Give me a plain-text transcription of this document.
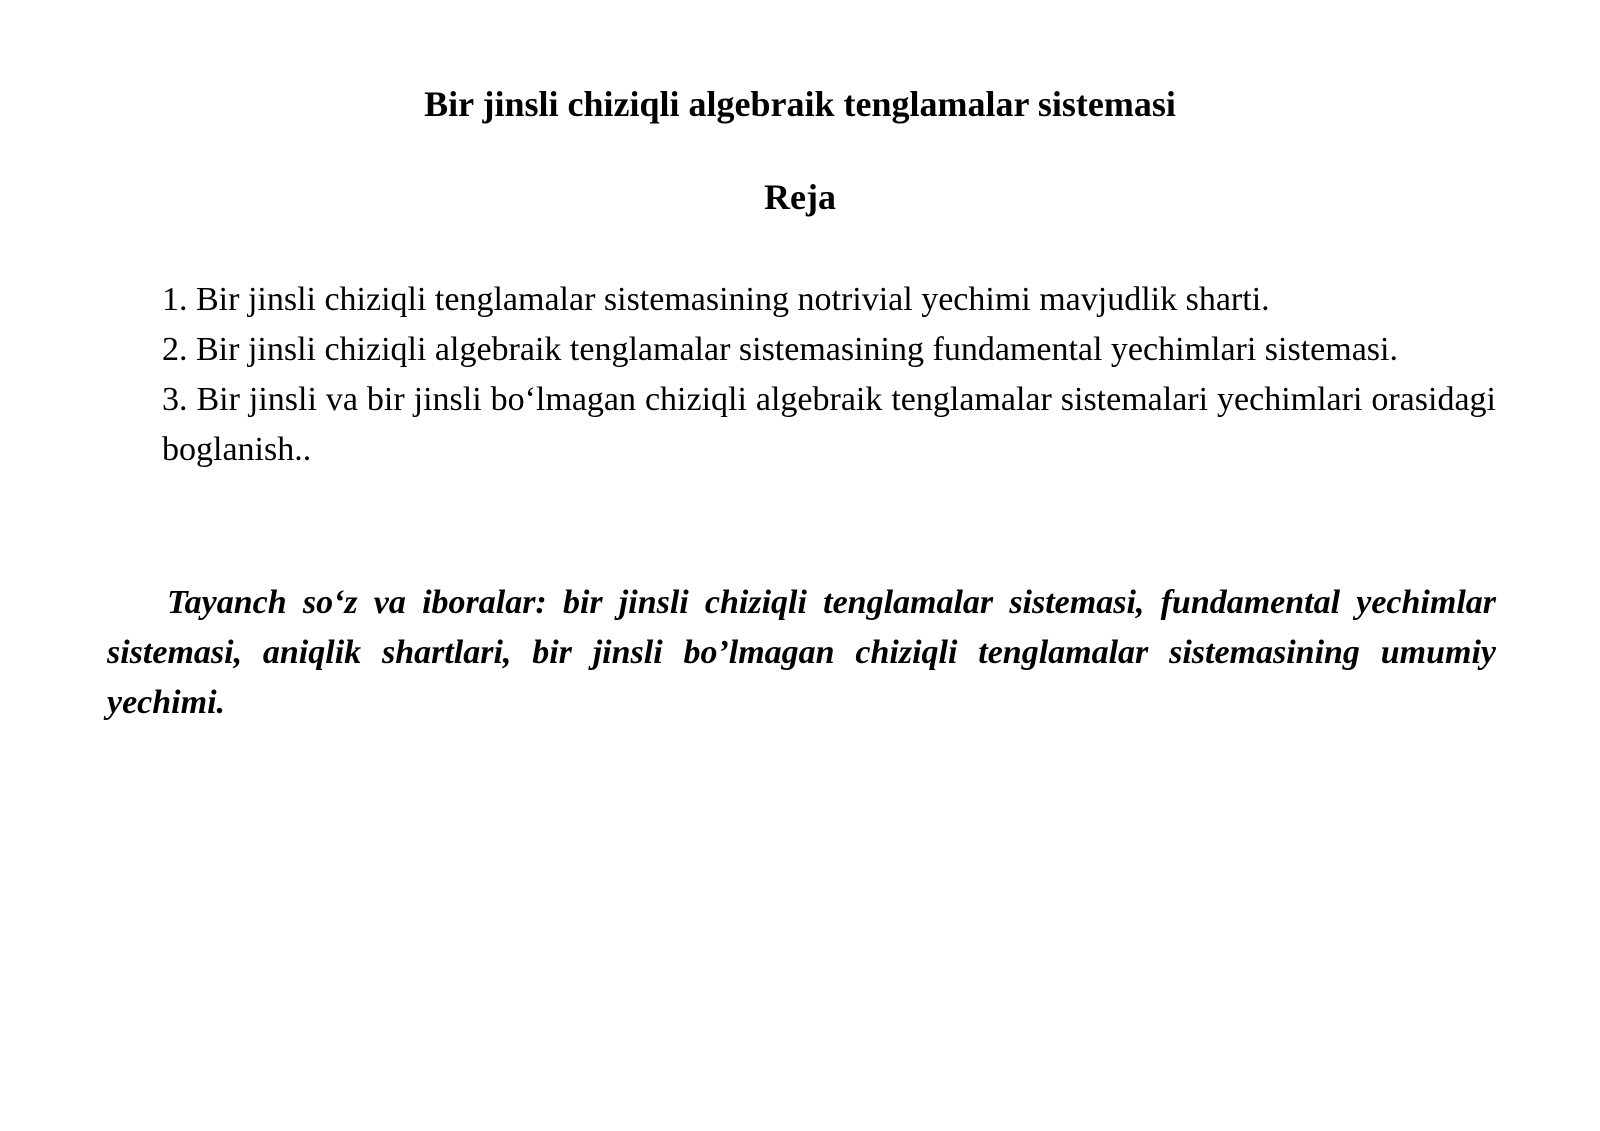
Bir jinsli chiziqli algebraik tenglamalar sistemasi
Reja
1. Bir jinsli chiziqli tenglamalar sistemasining notrivial yechimi mavjudlik sharti.
2. Bir jinsli chiziqli algebraik tenglamalar sistemasining fundamental yechimlari sistemasi.
3. Bir jinsli va bir jinsli bo‘lmagan chiziqli algebraik tenglamalar sistemalari yechimlari orasidagi boglanish..

Tayanch so‘z va iboralar: bir jinsli chiziqli tenglamalar sistemasi, fundamental yechimlar sistemasi, aniqlik shartlari, bir jinsli bo’lmagan chiziqli tenglamalar sistemasining umumiy yechimi.
